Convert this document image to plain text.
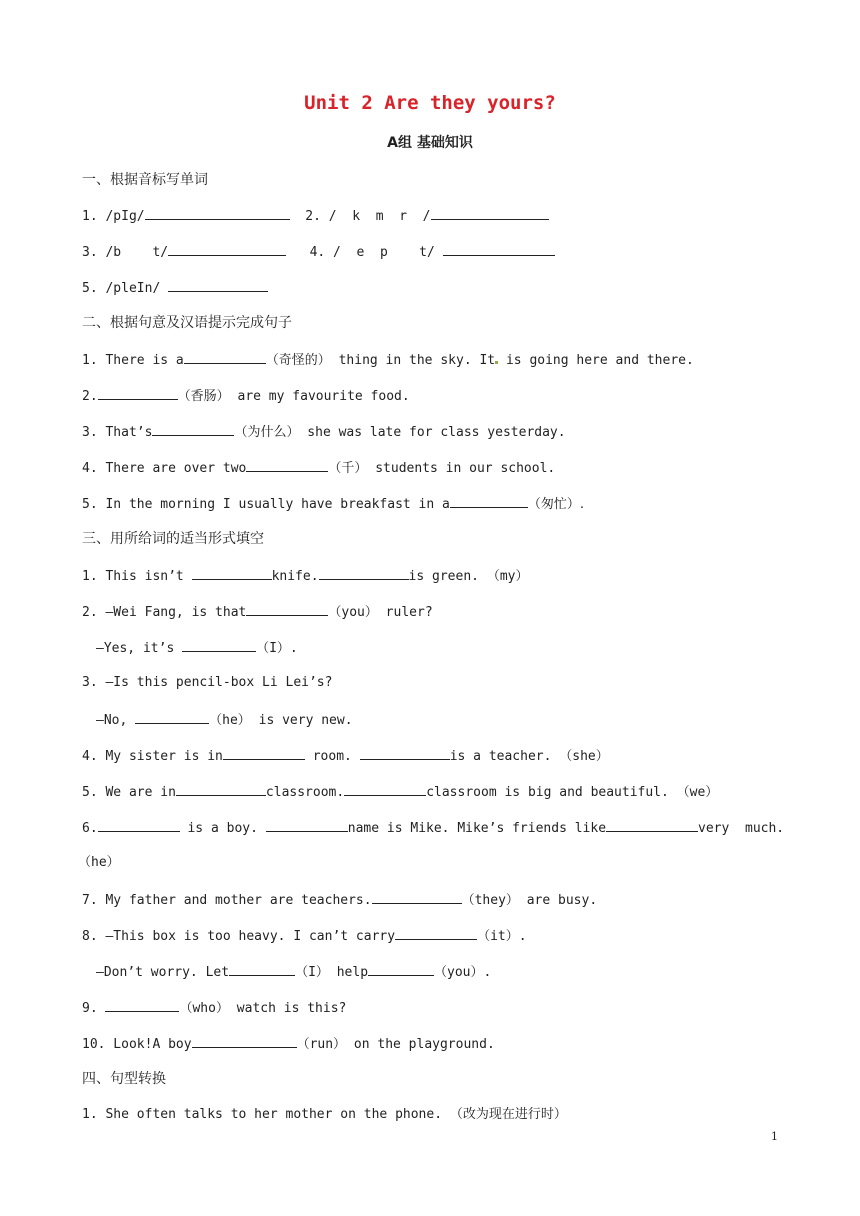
Unit 2 Are they yours?
A组 基础知识
一、根据音标写单词
1. /pIg/	2. /  k  m  r  /
3. /b    t/	4. /  e  p    t/
5. /pleIn/
二、根据句意及汉语提示完成句子
1. There is a	（奇怪的） thing in the sky. It is going here and there.
2.	（香肠） are my favourite food.
3. That’s	（为什么） she was late for class yesterday.
4. There are over two	（千） students in our school.
5. In the morning I usually have breakfast in a	（匆忙）.
三、用所给词的适当形式填空
1. This isn’t	knife.	is green. （my）
2. —Wei Fang, is that	（you） ruler?
—Yes, it’s	（I）.
3. —Is this pencil-box Li Lei’s?
—No,	（he） is very new.
4. My sister is in	room.	is a teacher. （she）
5. We are in	classroom.	classroom is big and beautiful. （we）
6.	is a boy.	name is Mike. Mike’s friends like	very  much.
（he）
7. My father and mother are teachers.	（they） are busy.
8. —This box is too heavy. I can’t carry	（it）.
—Don’t worry. Let	（I） help	（you）.
9.	（who） watch is this?
10. Look!A boy	（run） on the playground.
四、句型转换
1. She often talks to her mother on the phone. （改为现在进行时）
1
